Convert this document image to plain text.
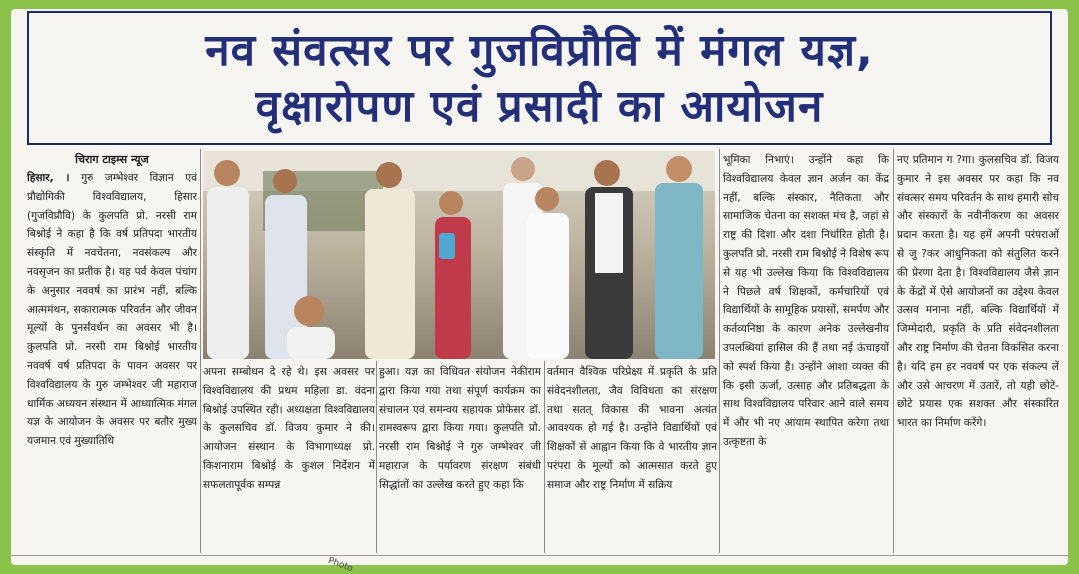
नव संवत्सर पर गुजविप्रौवि में मंगल यज्ञ,
वृक्षारोपण एवं प्रसादी का आयोजन

चिराग टाइम्स न्यूज

हिसार, । गुरु जम्भेश्वर विज्ञान एवं प्रौद्योगिकी विश्वविद्यालय, हिसार (गुजविप्रौवि) के कुलपति प्रो. नरसी राम बिश्नोई ने कहा है कि वर्ष प्रतिपदा भारतीय संस्कृति में नवचेतना, नवसंकल्प और नवसृजन का प्रतीक है। यह पर्व केवल पंचांग के अनुसार नववर्ष का प्रारंभ नहीं, बल्कि आत्ममंथन, सकारात्मक परिवर्तन और जीवन मूल्यों के पुनर्संवर्धन का अवसर भी है। कुलपति प्रो. नरसी राम बिश्नोई भारतीय नववर्ष वर्ष प्रतिपदा के पावन अवसर पर विश्वविद्यालय के गुरु जम्भेश्वर जी महाराज धार्मिक अध्ययन संस्थान में आध्यात्मिक मंगल यज्ञ के आयोजन के अवसर पर बतौर मुख्य यजमान एवं मुख्यातिथि
अपना सम्बोधन दे रहे थे। इस अवसर पर विश्वविद्यालय की प्रथम महिला डा. वंदना बिश्नोई उपस्थित रही। अध्यक्षता विश्वविद्यालय के कुलसचिव डॉ. विजय कुमार ने की। आयोजन संस्थान के विभागाध्यक्ष प्रो. किशनाराम बिश्नोई के कुशल निर्देशन में सफलतापूर्वक सम्पन्न
हुआ। यज्ञ का विधिवत संयोजन नेकीराम द्वारा किया गया तथा संपूर्ण कार्यक्रम का संचालन एवं समन्वय सहायक प्रोफेसर डॉ. रामस्वरूप द्वारा किया गया। कुलपति प्रो. नरसी राम बिश्नोई ने गुरु जम्भेश्वर जी महाराज के पर्यावरण संरक्षण संबंधी सिद्धांतों का उल्लेख करते हुए कहा कि
वर्तमान वैश्विक परिप्रेक्ष्य में प्रकृति के प्रति संवेदनशीलता, जैव विविधता का संरक्षण तथा सतत् विकास की भावना अत्यंत आवश्यक हो गई है। उन्होंने विद्यार्थियों एवं शिक्षकों से आह्वान किया कि वे भारतीय ज्ञान परंपरा के मूल्यों को आत्मसात करते हुए समाज और राष्ट्र निर्माण में सक्रिय
भूमिका निभाएं। उन्होंने कहा कि विश्वविद्यालय केवल ज्ञान अर्जन का केंद्र नहीं, बल्कि संस्कार, नैतिकता और सामाजिक चेतना का सशक्त मंच है, जहां से राष्ट्र की दिशा और दशा निर्धारित होती है। कुलपति प्रो. नरसी राम बिश्नोई ने विशेष रूप से यह भी उल्लेख किया कि विश्वविद्यालय ने पिछले वर्ष शिक्षकों, कर्मचारियों एवं विद्यार्थियों के सामूहिक प्रयासों, समर्पण और कर्तव्यनिष्ठा के कारण अनेक उल्लेखनीय उपलब्धियां हासिल की हैं तथा नई ऊंचाइयों को स्पर्श किया है। उन्होंने आशा व्यक्त की कि इसी ऊर्जा, उत्साह और प्रतिबद्धता के साथ विश्वविद्यालय परिवार आने वाले समय में और भी नए आयाम स्थापित करेगा तथा उत्कृष्टता के
नए प्रतिमान ग ?गा। कुलसचिव डॉ. विजय कुमार ने इस अवसर पर कहा कि नव संवत्सर समय परिवर्तन के साथ हमारी सोच और संस्कारों के नवीनीकरण का अवसर प्रदान करता है। यह हमें अपनी परंपराओं से जु ?कर आधुनिकता को संतुलित करने की प्रेरणा देता है। विश्वविद्यालय जैसे ज्ञान के केंद्रों में ऐसे आयोजनों का उद्देश्य केवल उत्सव मनाना नहीं, बल्कि विद्यार्थियों में जिम्मेदारी, प्रकृति के प्रति संवेदनशीलता और राष्ट्र निर्माण की चेतना विकसित करना है। यदि हम हर नववर्ष पर एक संकल्प लें और उसे आचरण में उतारें, तो यही छोटे-छोटे प्रयास एक सशक्त और संस्कारित भारत का निर्माण करेंगे।
Photo
